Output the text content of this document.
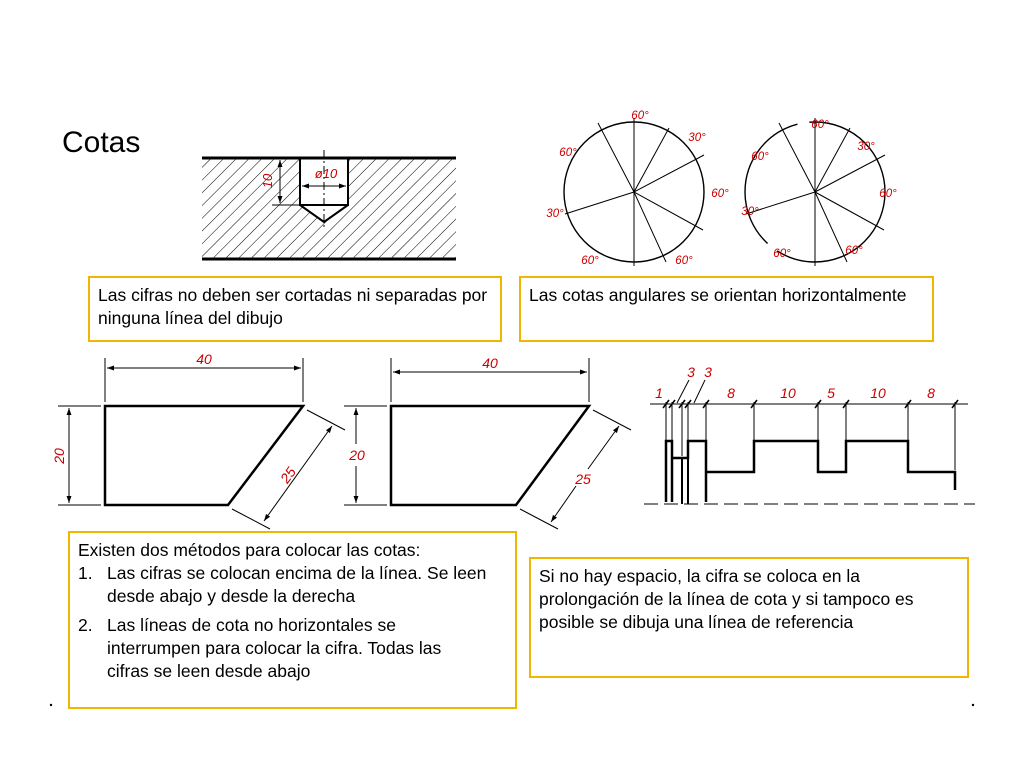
10	ø10
60°
30°
60°
60°
60°
30°
60°
60°
30°
60°
60°
60°
30°
60°
40
20
25
40
20
25
1
3 3
8	10 5	10	8
Cotas

Las cifras no deben ser cortadas ni separadas por ninguna línea del dibujo

Las cotas angulares se orientan horizontalmente

Existen dos métodos para colocar las cotas:

1. Las cifras se colocan encima de la línea. Se leen desde abajo y desde la derecha

2. Las líneas de cota no horizontales se interrumpen para colocar la cifra. Todas las cifras se leen desde abajo

Si no hay espacio, la cifra se coloca en la prolongación de la línea de cota y si tampoco es posible se dibuja una línea de referencia
